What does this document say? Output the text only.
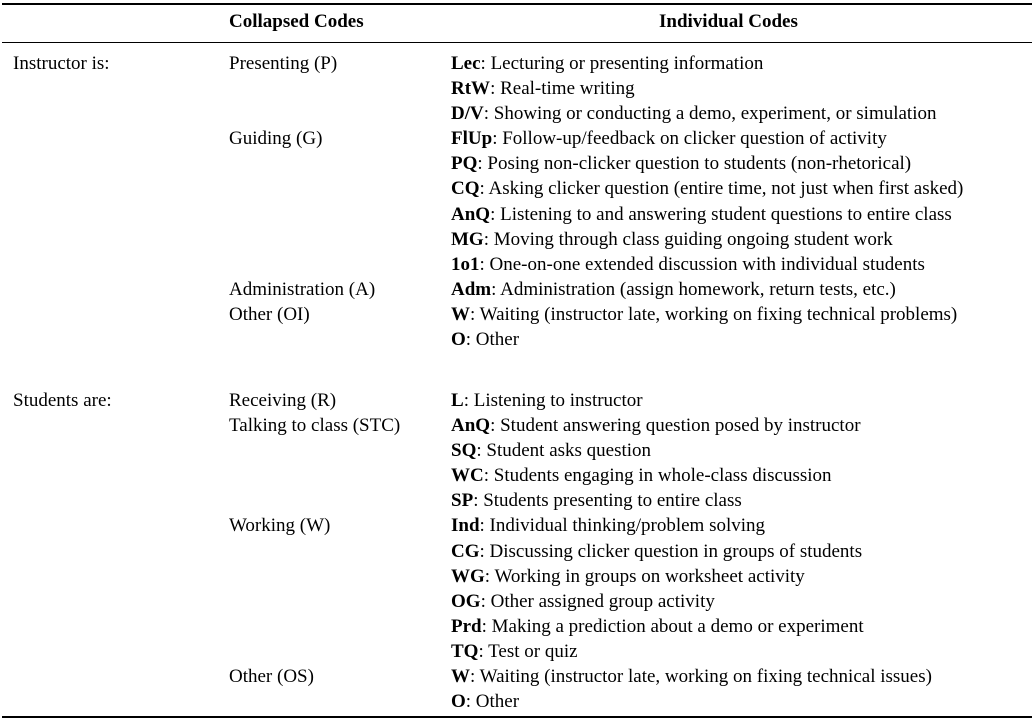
Collapsed Codes	Individual Codes
Instructor is:	Presenting (P)	Lec: Lecturing or presenting information
RtW: Real-time writing
D/V: Showing or conducting a demo, experiment, or simulation
Guiding (G)	FlUp: Follow-up/feedback on clicker question of activity
PQ: Posing non-clicker question to students (non-rhetorical)
CQ: Asking clicker question (entire time, not just when first asked)
AnQ: Listening to and answering student questions to entire class
MG: Moving through class guiding ongoing student work
1o1: One-on-one extended discussion with individual students
Administration (A)	Adm: Administration (assign homework, return tests, etc.)
Other (OI)	W: Waiting (instructor late, working on fixing technical problems)
O: Other
Students are:	Receiving (R)	L: Listening to instructor
Talking to class (STC)	AnQ: Student answering question posed by instructor
SQ: Student asks question
WC: Students engaging in whole-class discussion
SP: Students presenting to entire class
Working (W)	Ind: Individual thinking/problem solving
CG: Discussing clicker question in groups of students
WG: Working in groups on worksheet activity
OG: Other assigned group activity
Prd: Making a prediction about a demo or experiment
TQ: Test or quiz
Other (OS)	W: Waiting (instructor late, working on fixing technical issues)
O: Other
